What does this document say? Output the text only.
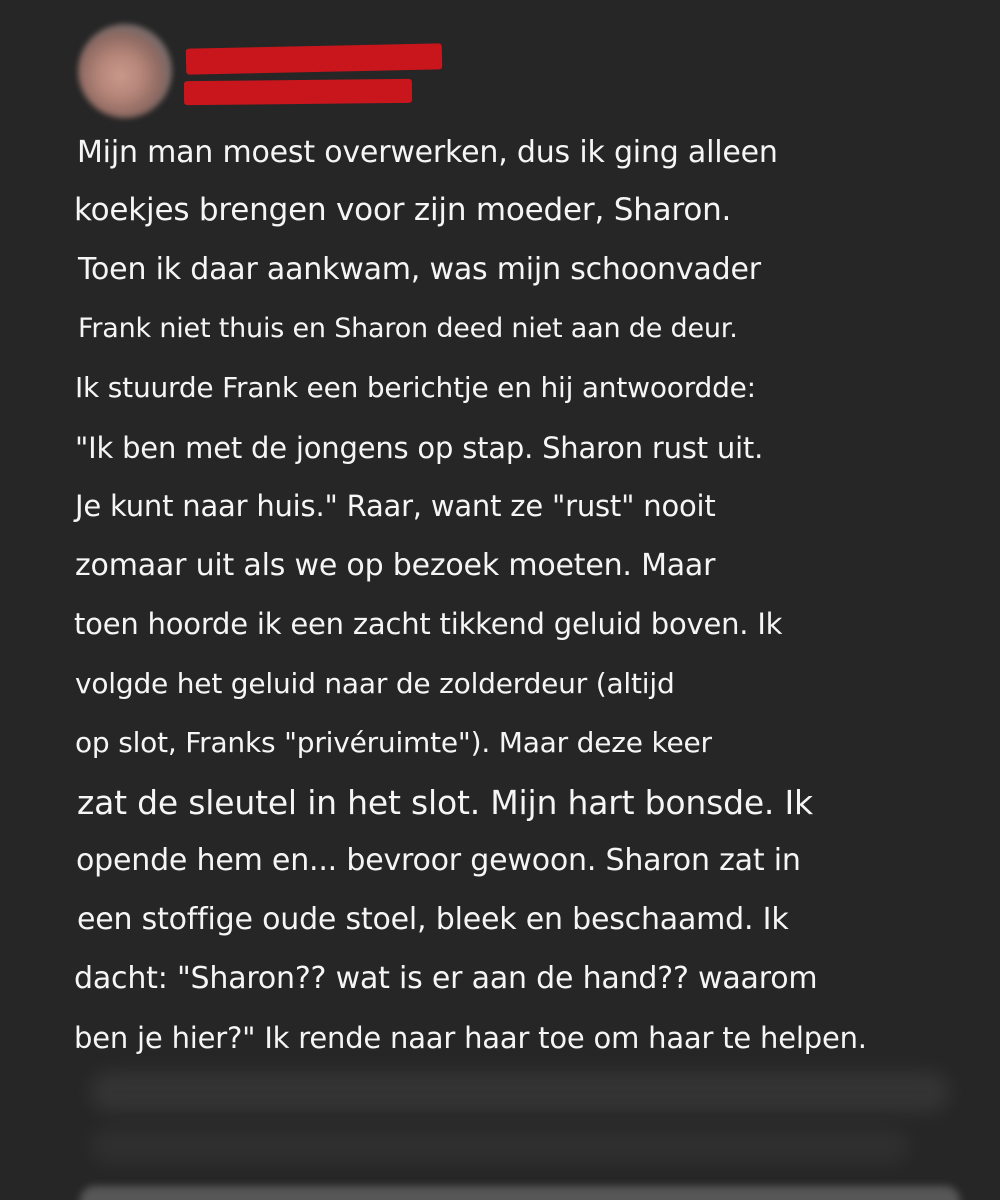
Mijn man moest overwerken, dus ik ging alleen
koekjes brengen voor zijn moeder, Sharon.
Toen ik daar aankwam, was mijn schoonvader
Frank niet thuis en Sharon deed niet aan de deur.
Ik stuurde Frank een berichtje en hij antwoordde:
"Ik ben met de jongens op stap. Sharon rust uit.
Je kunt naar huis." Raar, want ze "rust" nooit
zomaar uit als we op bezoek moeten. Maar
toen hoorde ik een zacht tikkend geluid boven. Ik
volgde het geluid naar de zolderdeur (altijd
op slot, Franks "privéruimte"). Maar deze keer
zat de sleutel in het slot. Mijn hart bonsde. Ik
opende hem en... bevroor gewoon. Sharon zat in
een stoffige oude stoel, bleek en beschaamd. Ik
dacht: "Sharon?? wat is er aan de hand?? waarom
ben je hier?" Ik rende naar haar toe om haar te helpen.
